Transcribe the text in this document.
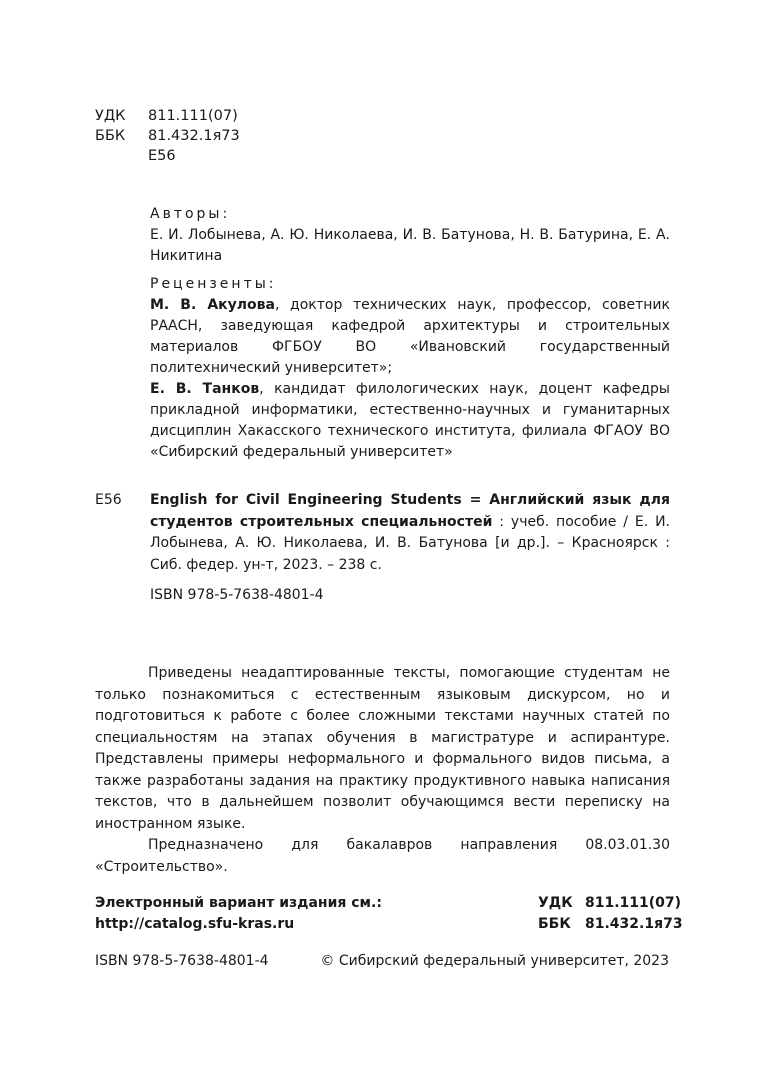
УДК 811.111(07)
ББК 81.432.1я73
Е56
Авторы:
Е. И. Лобынева, А. Ю. Николаева, И. В. Батунова, Н. В. Батурина, Е. А. Никитина
Рецензенты:

М. В. Акулова, доктор технических наук, профессор, советник РААСН, заведующая кафедрой архитектуры и строительных материалов ФГБОУ ВО «Ивановский государственный политехнический университет»;

Е. В. Танков, кандидат филологических наук, доцент кафедры прикладной информатики, естественно-научных и гуманитарных дисциплин Хакасского технического института, филиала ФГАОУ ВО «Сибирский федеральный университет»

Е56 English for Civil Engineering Students = Английский язык для студентов строительных специальностей : учеб. пособие / Е. И. Лобынева, А. Ю. Николаева, И. В. Батунова [и др.]. – Красноярск : Сиб. федер. ун-т, 2023. – 238 с.
ISBN 978-5-7638-4801-4

Приведены неадаптированные тексты, помогающие студентам не только познакомиться с естественным языковым дискурсом, но и подготовиться к работе с более сложными текстами научных статей по специальностям на этапах обучения в магистратуре и аспирантуре. Представлены примеры неформального и формального видов письма, а также разработаны задания на практику продуктивного навыка написания текстов, что в дальнейшем позволит обучающимся вести переписку на иностранном языке.

Предназначено для бакалавров направления 08.03.01.30 «Строительство».

Электронный вариант издания см.:
http://catalog.sfu-kras.ru
УДК 811.111(07)
ББК 81.432.1я73
ISBN 978-5-7638-4801-4	© Сибирский федеральный университет, 2023
